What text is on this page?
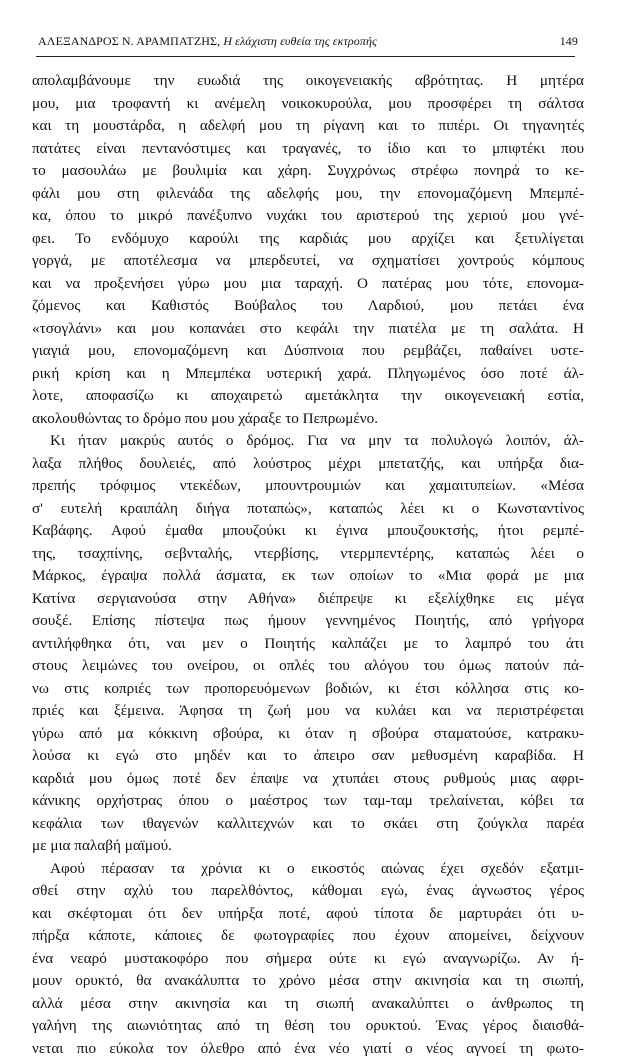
ΑΛΕΞΑΝΔΡΟΣ Ν. ΑΡΑΜΠΑΤΖΗΣ, Η ελάχιστη ευθεία της εκτροπής	149
απολαμβάνουμε την ευωδιά της οικογενειακής αβρότητας. Η μητέρα
μου, μια τροφαντή κι ανέμελη νοικοκυρούλα, μου προσφέρει τη σάλτσα
και τη μουστάρδα, η αδελφή μου τη ρίγανη και το πιπέρι. Οι τηγανητές
πατάτες είναι πεντανόστιμες και τραγανές, το ίδιο και το μπιφτέκι που
το μασουλάω με βουλιμία και χάρη. Συγχρόνως στρέφω πονηρά το κε-
φάλι μου στη φιλενάδα της αδελφής μου, την επονομαζόμενη Μπεμπέ-
κα, όπου το μικρό πανέξυπνο νυχάκι του αριστερού της χεριού μου γνέ-
φει. Το ενδόμυχο καρούλι της καρδιάς μου αρχίζει και ξετυλίγεται
γοργά, με αποτέλεσμα να μπερδευτεί, να σχηματίσει χοντρούς κόμπους
και να προξενήσει γύρω μου μια ταραχή. Ο πατέρας μου τότε, επονομα-
ζόμενος και Καθιστός Βούβαλος του Λαρδιού, μου πετάει ένα
«τσογλάνι» και μου κοπανάει στο κεφάλι την πιατέλα με τη σαλάτα. Η
γιαγιά μου, επονομαζόμενη και Δύσπνοια που ρεμβάζει, παθαίνει υστε-
ρική κρίση και η Μπεμπέκα υστερική χαρά. Πληγωμένος όσο ποτέ άλ-
λοτε, αποφασίζω κι αποχαιρετώ αμετάκλητα την οικογενειακή εστία,
ακολουθώντας το δρόμο που μου χάραξε το Πεπρωμένο.
Κι ήταν μακρύς αυτός ο δρόμος. Για να μην τα πολυλογώ λοιπόν, άλ-
λαξα πλήθος δουλειές, από λούστρος μέχρι μπετατζής, και υπήρξα δια-
πρεπής τρόφιμος ντεκέδων, μπουντρουμιών και χαμαιτυπείων. «Μέσα
σ' ευτελή κραιπάλη διήγα ποταπώς», καταπώς λέει κι ο Κωνσταντίνος
Καβάφης. Αφού έμαθα μπουζούκι κι έγινα μπουζουκτσής, ήτοι ρεμπέ-
της, τσαχπίνης, σεβνταλής, ντερβίσης, ντερμπεντέρης, καταπώς λέει ο
Μάρκος, έγραψα πολλά άσματα, εκ των οποίων το «Μια φορά με μια
Κατίνα σεργιανούσα στην Αθήνα» διέπρεψε κι εξελίχθηκε εις μέγα
σουξέ. Επίσης πίστεψα πως ήμουν γεννημένος Ποιητής, από γρήγορα
αντιλήφθηκα ότι, ναι μεν ο Ποιητής καλπάζει με το λαμπρό του άτι
στους λειμώνες του ονείρου, οι οπλές του αλόγου του όμως πατούν πά-
νω στις κοπριές των προπορευόμενων βοδιών, κι έτσι κόλλησα στις κο-
πριές και ξέμεινα. Άφησα τη ζωή μου να κυλάει και να περιστρέφεται
γύρω από μα κόκκινη σβούρα, κι όταν η σβούρα σταματούσε, κατρακυ-
λούσα κι εγώ στο μηδέν και το άπειρο σαν μεθυσμένη καραβίδα. Η
καρδιά μου όμως ποτέ δεν έπαψε να χτυπάει στους ρυθμούς μιας αφρι-
κάνικης ορχήστρας όπου ο μαέστρος των ταμ-ταμ τρελαίνεται, κόβει τα
κεφάλια των ιθαγενών καλλιτεχνών και το σκάει στη ζούγκλα παρέα
με μια παλαβή μαϊμού.
Αφού πέρασαν τα χρόνια κι ο εικοστός αιώνας έχει σχεδόν εξατμι-
σθεί στην αχλύ του παρελθόντος, κάθομαι εγώ, ένας άγνωστος γέρος
και σκέφτομαι ότι δεν υπήρξα ποτέ, αφού τίποτα δε μαρτυράει ότι υ-
πήρξα κάποτε, κάποιες δε φωτογραφίες που έχουν απομείνει, δείχνουν
ένα νεαρό μυστακοφόρο που σήμερα ούτε κι εγώ αναγνωρίζω. Αν ή-
μουν ορυκτό, θα ανακάλυπτα το χρόνο μέσα στην ακινησία και τη σιωπή,
αλλά μέσα στην ακινησία και τη σιωπή ανακαλύπτει ο άνθρωπος τη
γαλήνη της αιωνιότητας από τη θέση του ορυκτού. Ένας γέρος διαισθά-
νεται πιο εύκολα τον όλεθρο από ένα νέο γιατί ο νέος αγνοεί τη φωτο-
